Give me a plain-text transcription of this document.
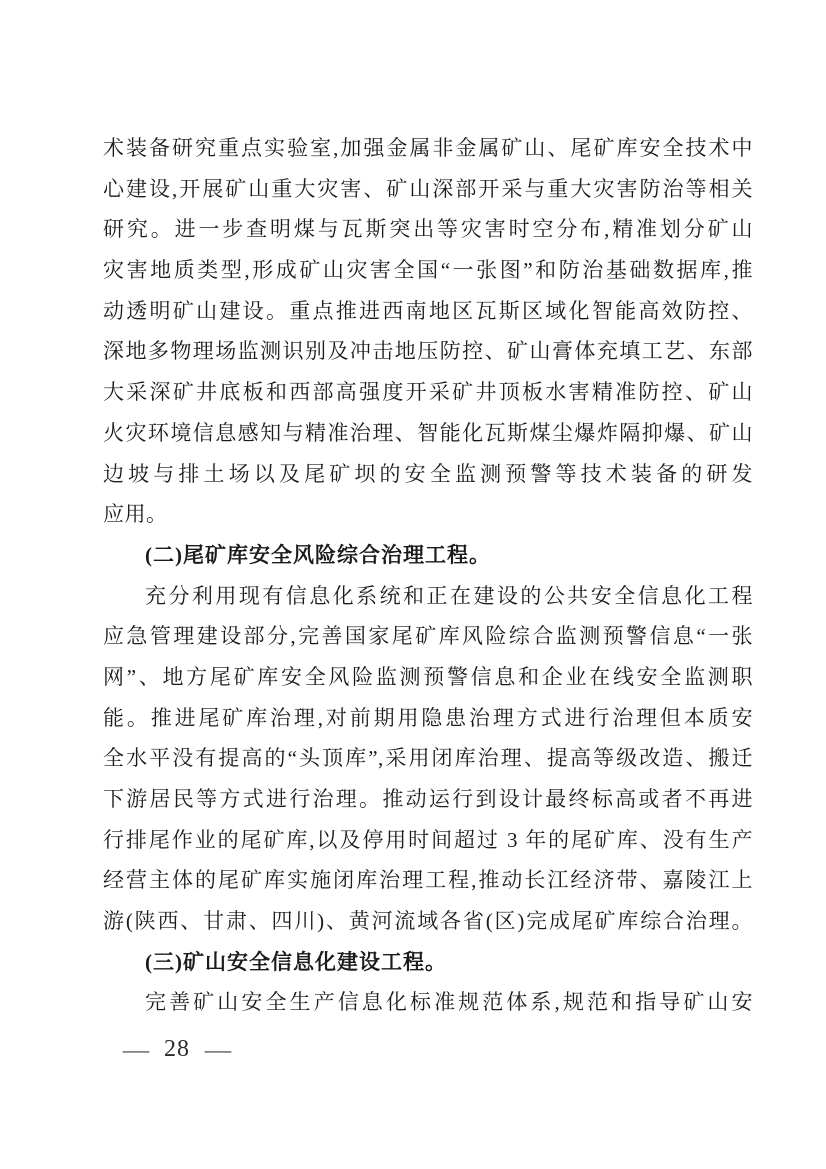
术装备研究重点实验室,加强金属非金属矿山、尾矿库安全技术中
心建设,开展矿山重大灾害、矿山深部开采与重大灾害防治等相关
研究。进一步查明煤与瓦斯突出等灾害时空分布,精准划分矿山
灾害地质类型,形成矿山灾害全国“一张图”和防治基础数据库,推
动透明矿山建设。重点推进西南地区瓦斯区域化智能高效防控、
深地多物理场监测识别及冲击地压防控、矿山膏体充填工艺、东部
大采深矿井底板和西部高强度开采矿井顶板水害精准防控、矿山
火灾环境信息感知与精准治理、智能化瓦斯煤尘爆炸隔抑爆、矿山
边坡与排土场以及尾矿坝的安全监测预警等技术装备的研发
应用。
(二)尾矿库安全风险综合治理工程。
充分利用现有信息化系统和正在建设的公共安全信息化工程
应急管理建设部分,完善国家尾矿库风险综合监测预警信息“一张
网”、地方尾矿库安全风险监测预警信息和企业在线安全监测职
能。推进尾矿库治理,对前期用隐患治理方式进行治理但本质安
全水平没有提高的“头顶库”,采用闭库治理、提高等级改造、搬迁
下游居民等方式进行治理。推动运行到设计最终标高或者不再进
行排尾作业的尾矿库,以及停用时间超过 3 年的尾矿库、没有生产
经营主体的尾矿库实施闭库治理工程,推动长江经济带、嘉陵江上
游(陕西、甘肃、四川)、黄河流域各省(区)完成尾矿库综合治理。
(三)矿山安全信息化建设工程。
完善矿山安全生产信息化标准规范体系,规范和指导矿山安
— 28 —
